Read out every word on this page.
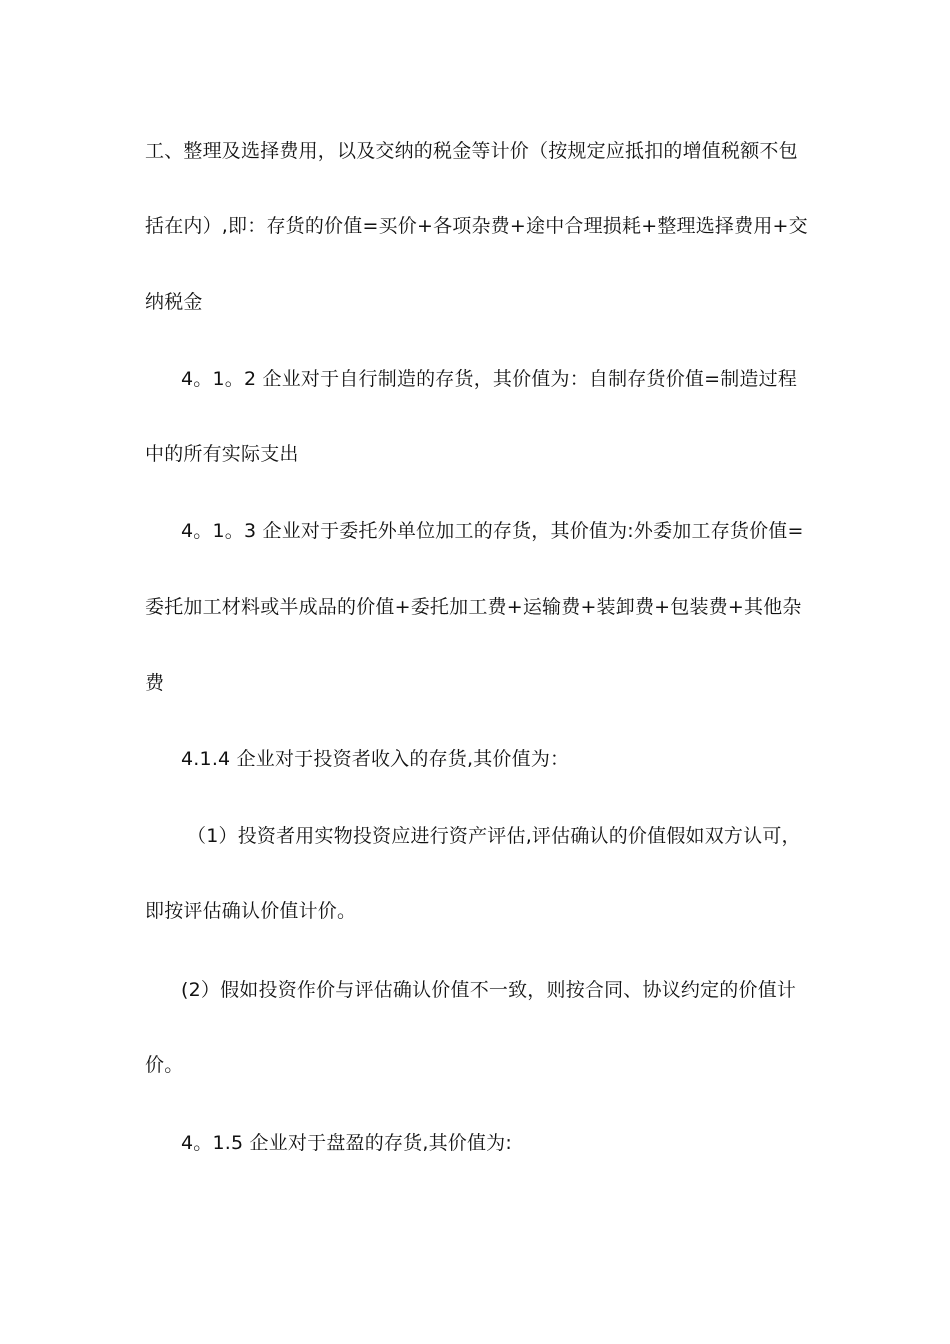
工、整理及选择费用，以及交纳的税金等计价（按规定应抵扣的增值税额不包
括在内）,即：存货的价值=买价+各项杂费+途中合理损耗+整理选择费用+交
纳税金
4。1。2 企业对于自行制造的存货，其价值为：自制存货价值=制造过程
中的所有实际支出
4。1。3 企业对于委托外单位加工的存货，其价值为:外委加工存货价值=
委托加工材料或半成品的价值+委托加工费+运输费+装卸费+包装费+其他杂
费
4.1.4 企业对于投资者收入的存货,其价值为：
（1）投资者用实物投资应进行资产评估,评估确认的价值假如双方认可，
即按评估确认价值计价。
(2）假如投资作价与评估确认价值不一致，则按合同、协议约定的价值计
价。
4。1.5 企业对于盘盈的存货,其价值为:
